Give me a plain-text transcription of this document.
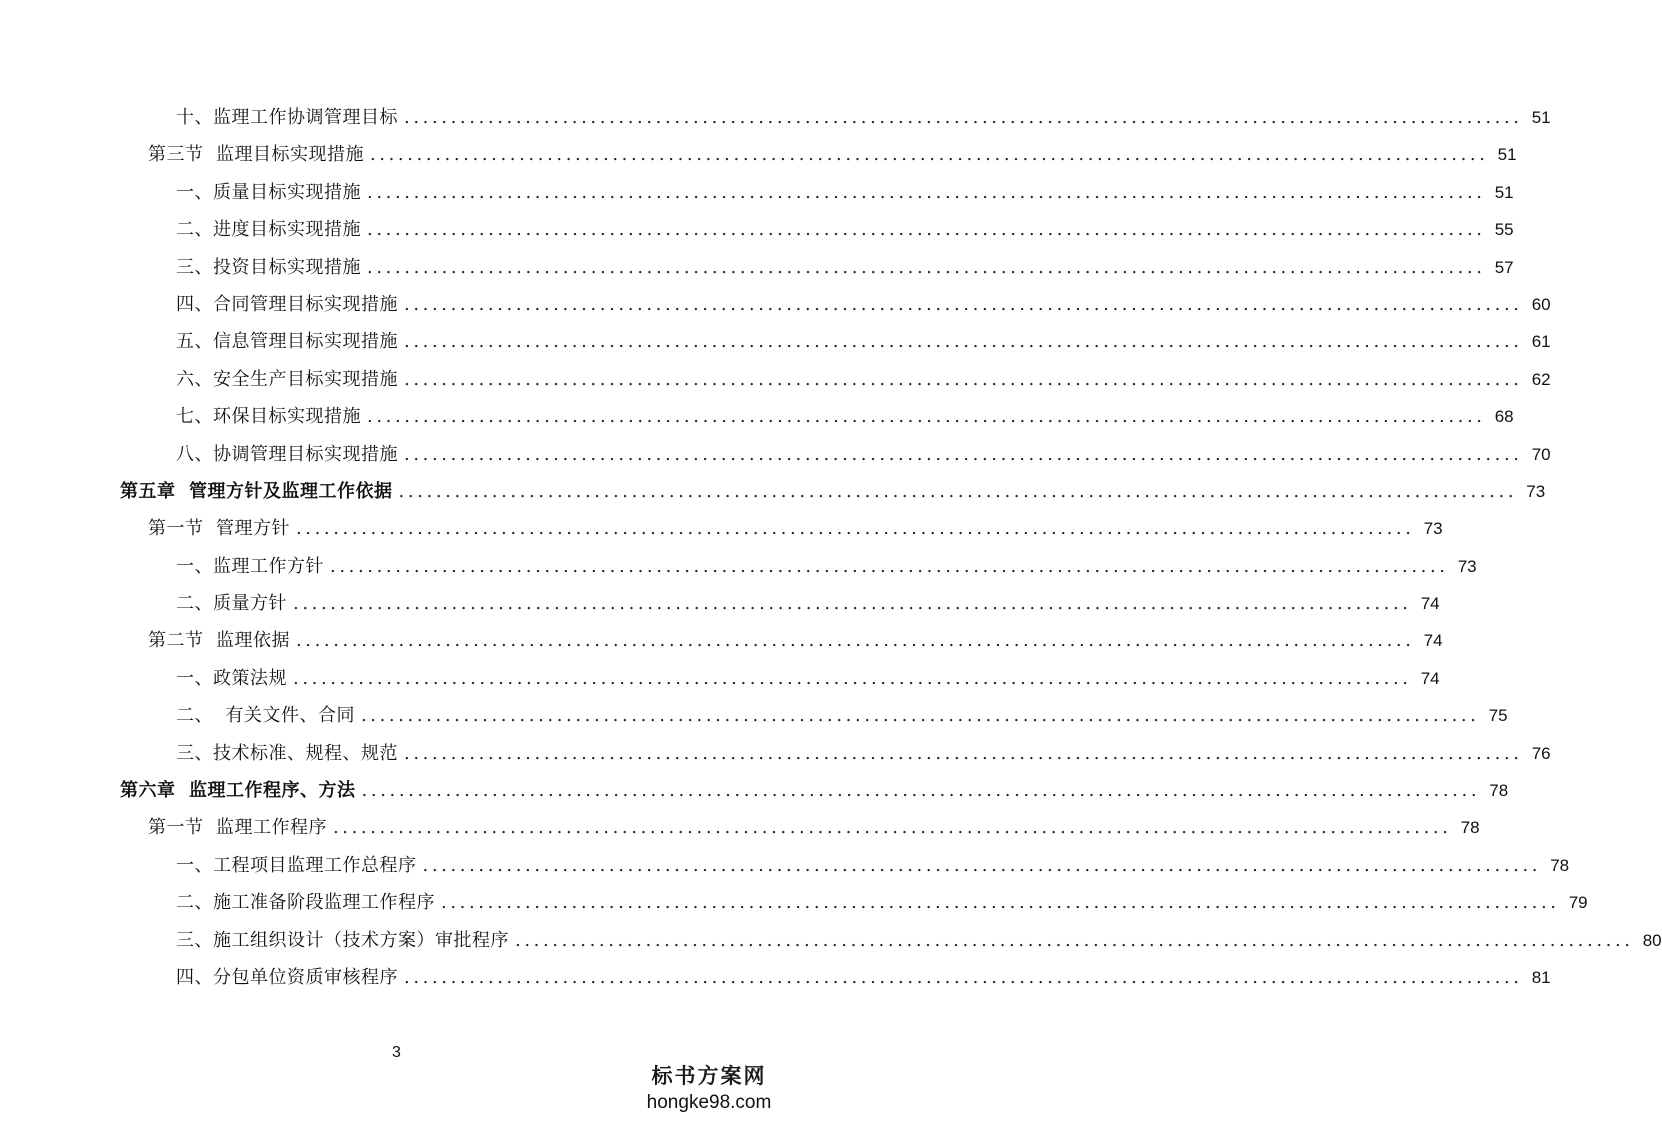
十、监理工作协调管理目标 ........................................................................................................................ 51
第三节  监理目标实现措施 ........................................................................................................................ 51
一、质量目标实现措施 ........................................................................................................................ 51
二、进度目标实现措施 ........................................................................................................................ 55
三、投资目标实现措施 ........................................................................................................................ 57
四、合同管理目标实现措施 ........................................................................................................................ 60
五、信息管理目标实现措施 ........................................................................................................................ 61
六、安全生产目标实现措施 ........................................................................................................................ 62
七、环保目标实现措施 ........................................................................................................................ 68
八、协调管理目标实现措施 ........................................................................................................................ 70
第五章  管理方针及监理工作依据 ........................................................................................................................ 73
第一节  管理方针 ........................................................................................................................ 73
一、监理工作方针 ........................................................................................................................ 73
二、质量方针 ........................................................................................................................ 74
第二节  监理依据 ........................................................................................................................ 74
一、政策法规 ........................................................................................................................ 74
二、  有关文件、合同 ........................................................................................................................ 75
三、技术标准、规程、规范 ........................................................................................................................ 76
第六章  监理工作程序、方法 ........................................................................................................................ 78
第一节  监理工作程序 ........................................................................................................................ 78
一、工程项目监理工作总程序 ........................................................................................................................ 78
二、施工准备阶段监理工作程序 ........................................................................................................................ 79
三、施工组织设计（技术方案）审批程序 ........................................................................................................................ 80
四、分包单位资质审核程序 ........................................................................................................................ 81
3
标书方案网
hongke98.com
